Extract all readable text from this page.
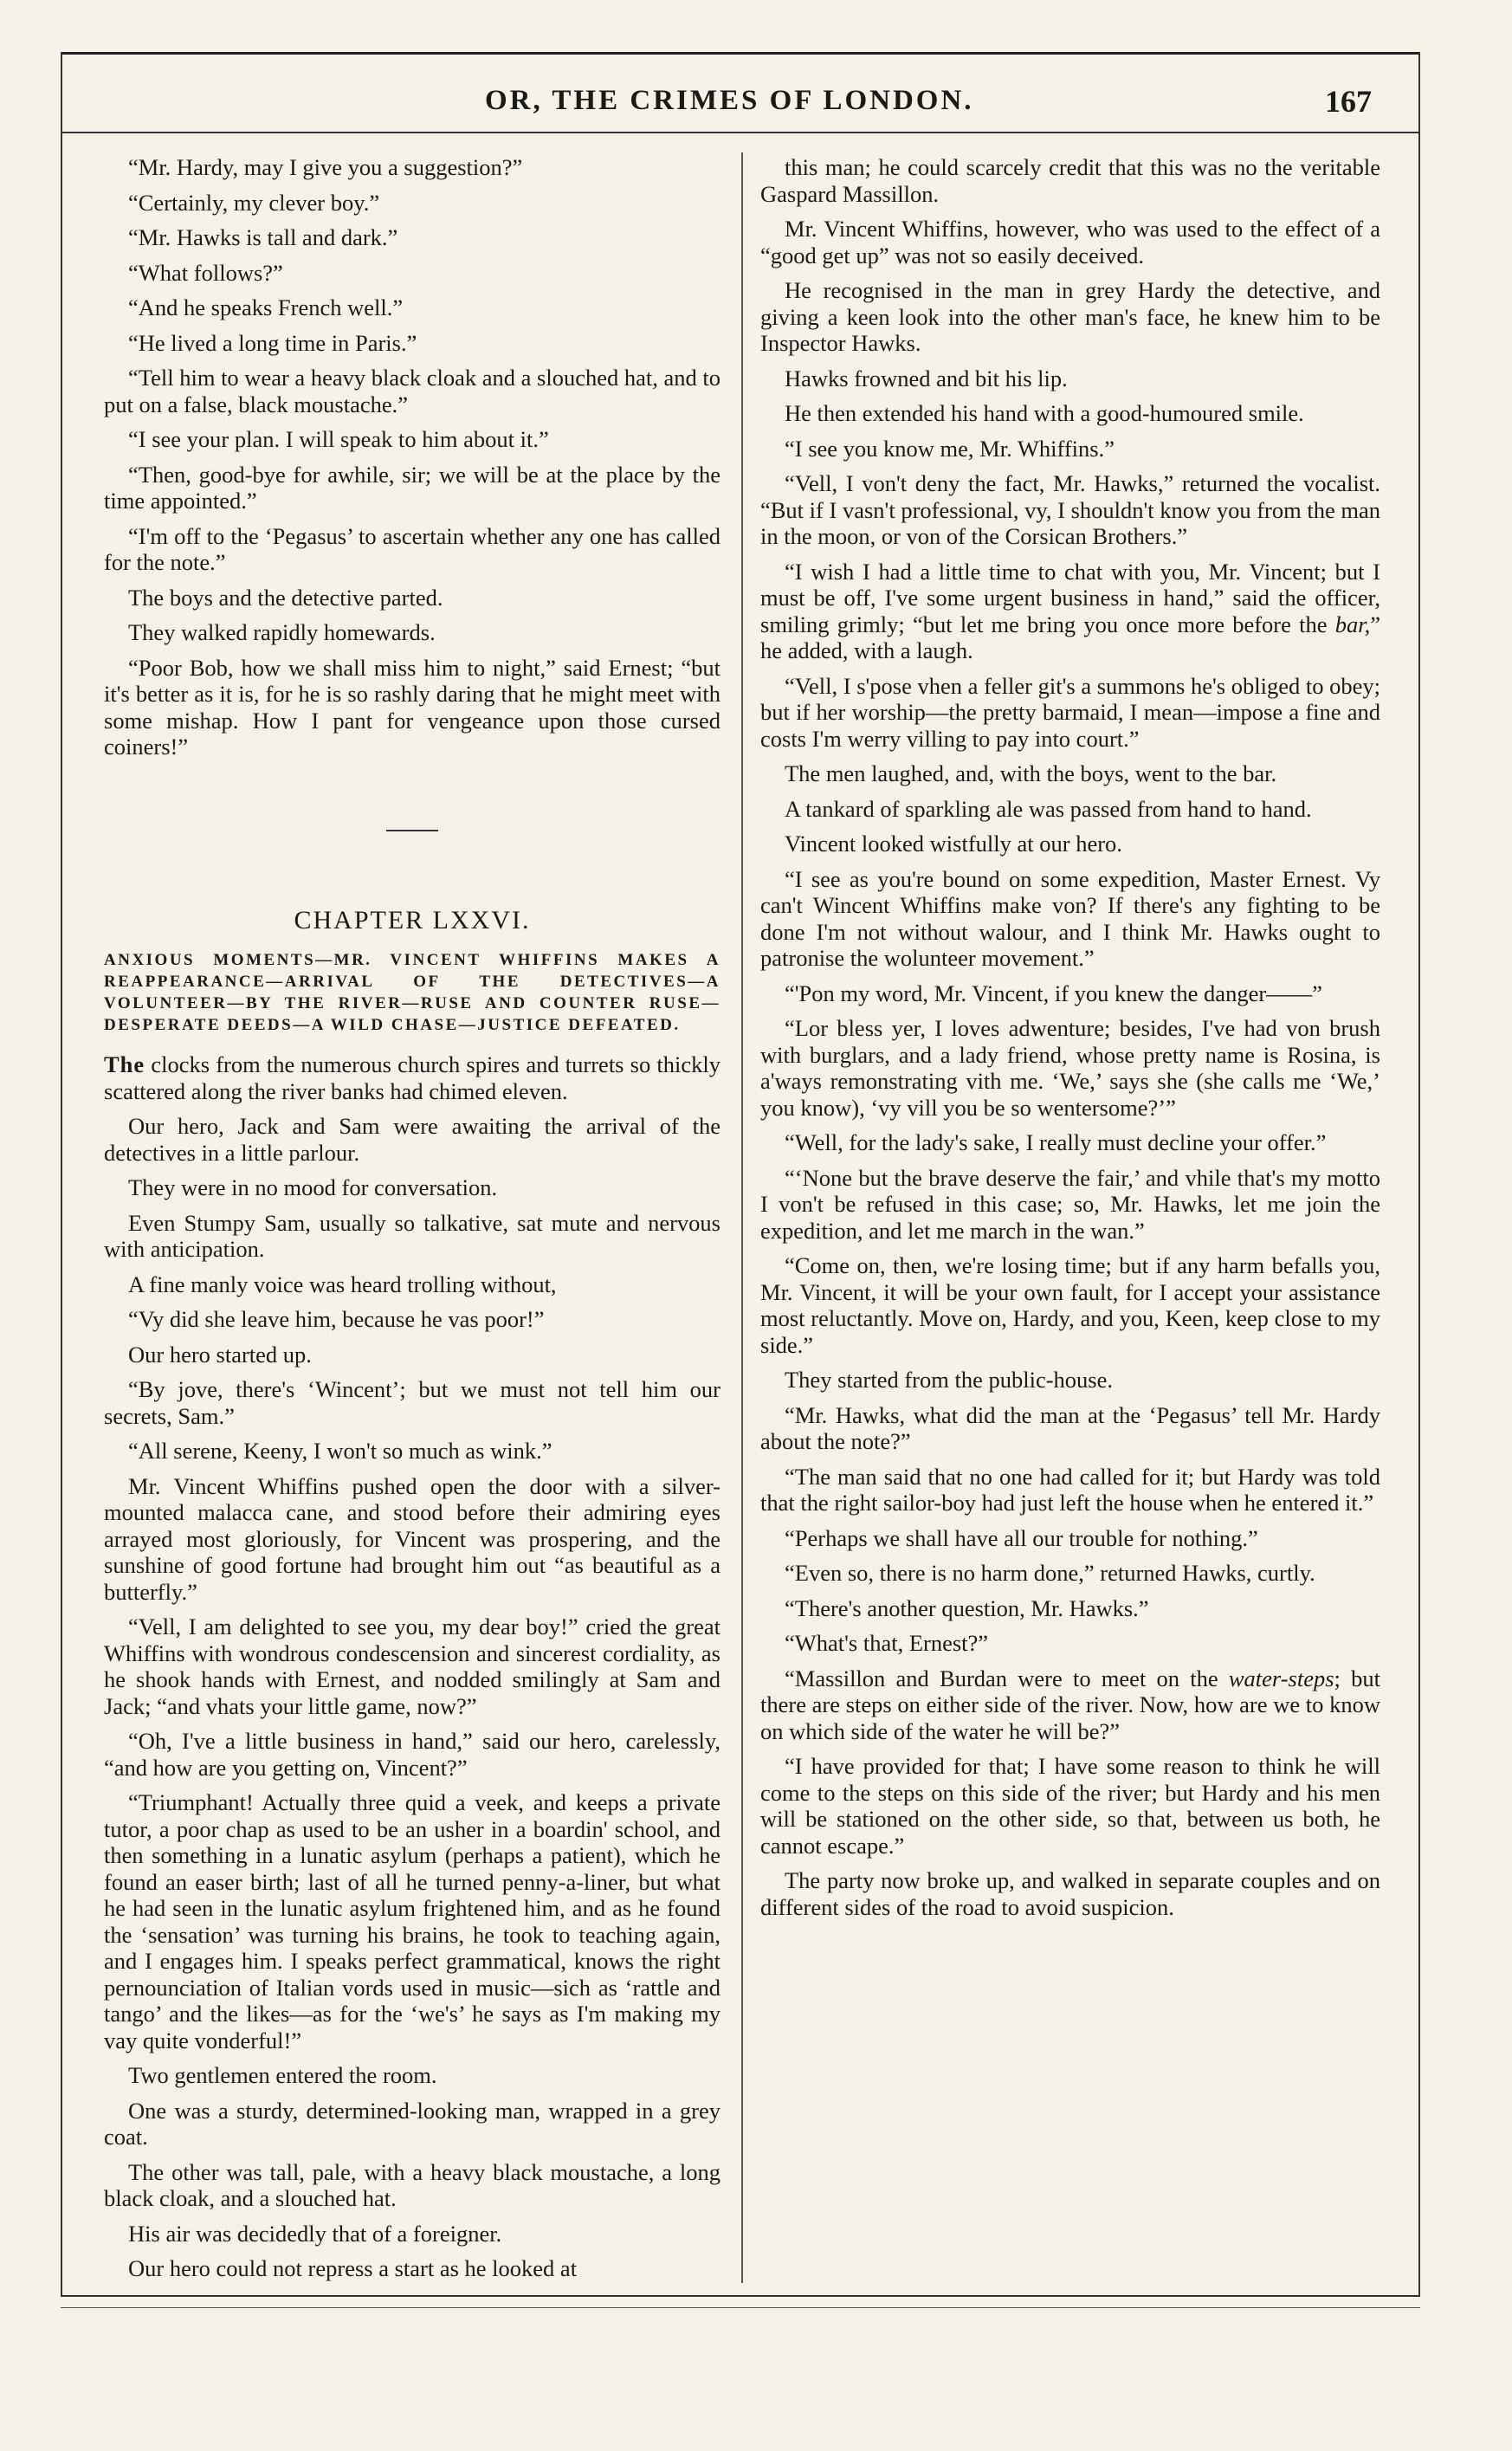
OR, THE CRIMES OF LONDON.	167

“Mr. Hardy, may I give you a suggestion?”

“Certainly, my clever boy.”

“Mr. Hawks is tall and dark.”

“What follows?”

“And he speaks French well.”

“He lived a long time in Paris.”

“Tell him to wear a heavy black cloak and a slouched hat, and to put on a false, black moustache.”

“I see your plan. I will speak to him about it.”

“Then, good-bye for awhile, sir; we will be at the place by the time appointed.”

“I'm off to the ‘Pegasus’ to ascertain whether any one has called for the note.”

The boys and the detective parted.

They walked rapidly homewards.

“Poor Bob, how we shall miss him to night,” said Ernest; “but it's better as it is, for he is so rashly daring that he might meet with some mishap. How I pant for vengeance upon those cursed coiners!”

CHAPTER LXXVI.
ANXIOUS MOMENTS—MR. VINCENT WHIFFINS MAKES A REAPPEARANCE—ARRIVAL OF THE DETECTIVES—A VOLUNTEER—BY THE RIVER—RUSE AND COUNTER RUSE—DESPERATE DEEDS—A WILD CHASE—JUSTICE DEFEATED.

The clocks from the numerous church spires and turrets so thickly scattered along the river banks had chimed eleven.

Our hero, Jack and Sam were awaiting the arrival of the detectives in a little parlour.

They were in no mood for conversation.

Even Stumpy Sam, usually so talkative, sat mute and nervous with anticipation.

A fine manly voice was heard trolling without,

“Vy did she leave him, because he vas poor!”

Our hero started up.

“By jove, there's ‘Wincent’; but we must not tell him our secrets, Sam.”

“All serene, Keeny, I won't so much as wink.”

Mr. Vincent Whiffins pushed open the door with a silver-mounted malacca cane, and stood before their admiring eyes arrayed most gloriously, for Vincent was prospering, and the sunshine of good fortune had brought him out “as beautiful as a butterfly.”

“Vell, I am delighted to see you, my dear boy!” cried the great Whiffins with wondrous condescension and sincerest cordiality, as he shook hands with Ernest, and nodded smilingly at Sam and Jack; “and vhats your little game, now?”

“Oh, I've a little business in hand,” said our hero, carelessly, “and how are you getting on, Vincent?”

“Triumphant! Actually three quid a veek, and keeps a private tutor, a poor chap as used to be an usher in a boardin' school, and then something in a lunatic asylum (perhaps a patient), which he found an easer birth; last of all he turned penny-a-liner, but what he had seen in the lunatic asylum frightened him, and as he found the ‘sensation’ was turning his brains, he took to teaching again, and I engages him. I speaks perfect grammatical, knows the right pernounciation of Italian vords used in music—sich as ‘rattle and tango’ and the likes—as for the ‘we's’ he says as I'm making my vay quite vonderful!”

Two gentlemen entered the room.

One was a sturdy, determined-looking man, wrapped in a grey coat.

The other was tall, pale, with a heavy black moustache, a long black cloak, and a slouched hat.

His air was decidedly that of a foreigner.

Our hero could not repress a start as he looked at

this man; he could scarcely credit that this was no the veritable Gaspard Massillon.

Mr. Vincent Whiffins, however, who was used to the effect of a “good get up” was not so easily deceived.

He recognised in the man in grey Hardy the detective, and giving a keen look into the other man's face, he knew him to be Inspector Hawks.

Hawks frowned and bit his lip.

He then extended his hand with a good-humoured smile.

“I see you know me, Mr. Whiffins.”

“Vell, I von't deny the fact, Mr. Hawks,” returned the vocalist. “But if I vasn't professional, vy, I shouldn't know you from the man in the moon, or von of the Corsican Brothers.”

“I wish I had a little time to chat with you, Mr. Vincent; but I must be off, I've some urgent business in hand,” said the officer, smiling grimly; “but let me bring you once more before the bar,” he added, with a laugh.

“Vell, I s'pose vhen a feller git's a summons he's obliged to obey; but if her worship—the pretty barmaid, I mean—impose a fine and costs I'm werry villing to pay into court.”

The men laughed, and, with the boys, went to the bar.

A tankard of sparkling ale was passed from hand to hand.

Vincent looked wistfully at our hero.

“I see as you're bound on some expedition, Master Ernest. Vy can't Wincent Whiffins make von? If there's any fighting to be done I'm not without walour, and I think Mr. Hawks ought to patronise the wolunteer movement.”

“'Pon my word, Mr. Vincent, if you knew the danger——”

“Lor bless yer, I loves adwenture; besides, I've had von brush with burglars, and a lady friend, whose pretty name is Rosina, is a'ways remonstrating vith me. ‘We,’ says she (she calls me ‘We,’ you know), ‘vy vill you be so wentersome?’”

“Well, for the lady's sake, I really must decline your offer.”

“‘None but the brave deserve the fair,’ and vhile that's my motto I von't be refused in this case; so, Mr. Hawks, let me join the expedition, and let me march in the wan.”

“Come on, then, we're losing time; but if any harm befalls you, Mr. Vincent, it will be your own fault, for I accept your assistance most reluctantly. Move on, Hardy, and you, Keen, keep close to my side.”

They started from the public-house.

“Mr. Hawks, what did the man at the ‘Pegasus’ tell Mr. Hardy about the note?”

“The man said that no one had called for it; but Hardy was told that the right sailor-boy had just left the house when he entered it.”

“Perhaps we shall have all our trouble for nothing.”

“Even so, there is no harm done,” returned Hawks, curtly.

“There's another question, Mr. Hawks.”

“What's that, Ernest?”

“Massillon and Burdan were to meet on the water-steps; but there are steps on either side of the river. Now, how are we to know on which side of the water he will be?”

“I have provided for that; I have some reason to think he will come to the steps on this side of the river; but Hardy and his men will be stationed on the other side, so that, between us both, he cannot escape.”

The party now broke up, and walked in separate couples and on different sides of the road to avoid suspicion.
